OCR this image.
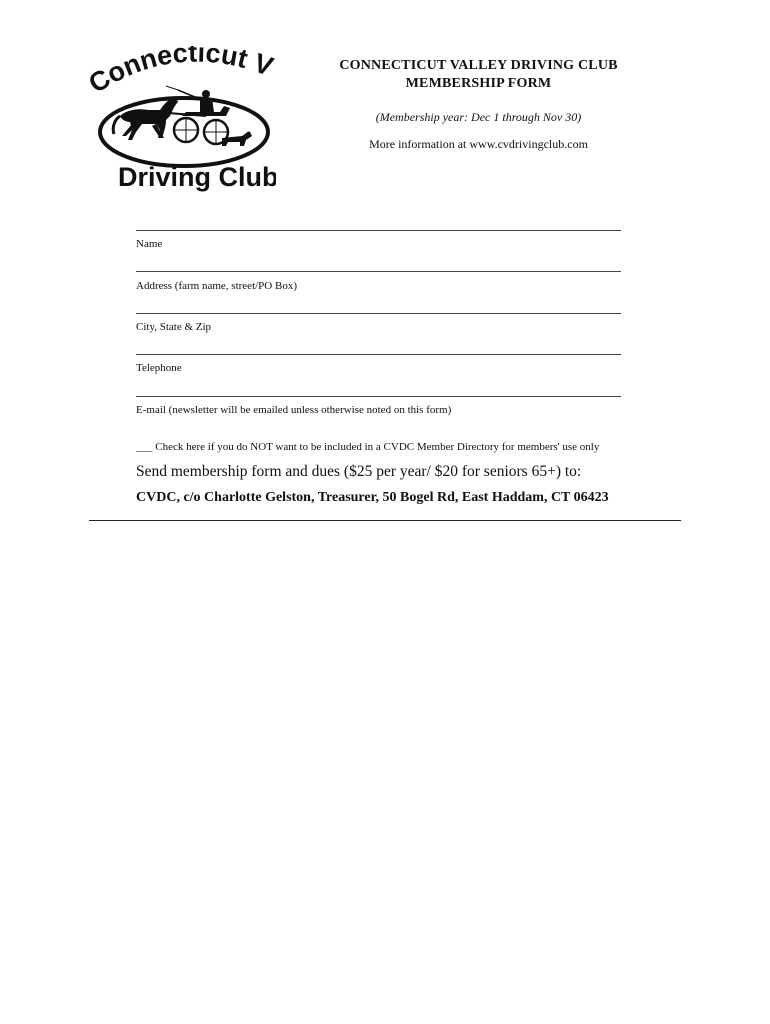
Connecticut V
Driving Club
CONNECTICUT VALLEY DRIVING CLUB
MEMBERSHIP FORM
(Membership year: Dec 1 through Nov 30)
More information at www.cvdrivingclub.com
Name
Address (farm name, street/PO Box)
City, State & Zip
Telephone
E-mail (newsletter will be emailed unless otherwise noted on this form)
___ Check here if you do NOT want to be included in a CVDC Member Directory for members' use only
Send membership form and dues ($25 per year/ $20 for seniors 65+) to:
CVDC, c/o Charlotte Gelston, Treasurer, 50 Bogel Rd, East Haddam, CT 06423
